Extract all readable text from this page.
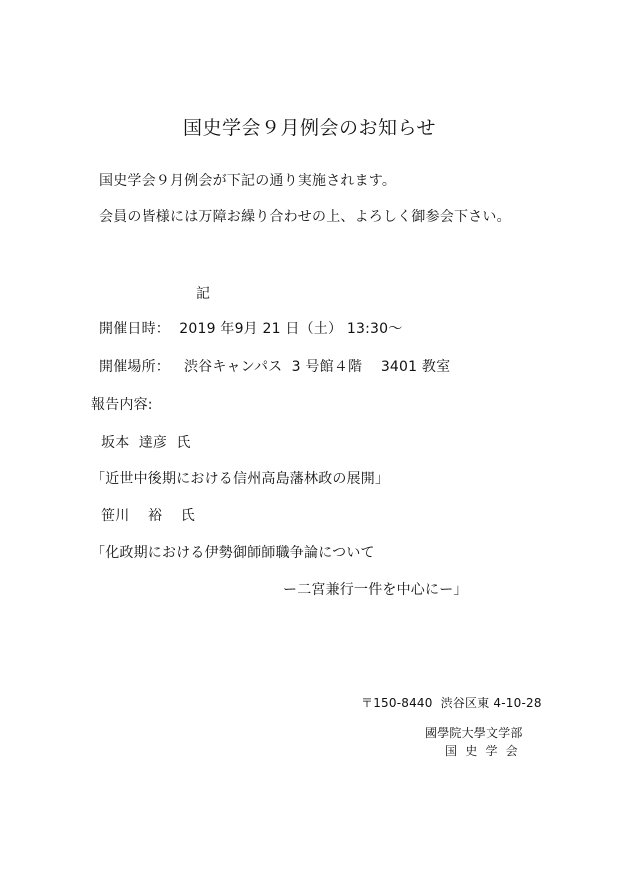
国史学会９月例会のお知らせ
国史学会９月例会が下記の通り実施されます。
会員の皆様には万障お繰り合わせの上、よろしく御参会下さい。
記
開催日時：  2019 年9月 21 日（土） 13:30～
開催場所：   渋谷キャンパス  3 号館４階    3401 教室
報告内容:
坂本  達彦  氏
「近世中後期における信州高島藩林政の展開」
笹川    裕    氏
「化政期における伊勢御師師職争論について
ー二宮兼行一件を中心にー」
〒150-8440  渋谷区東 4-10-28
國學院大學文学部
国  史  学  会
